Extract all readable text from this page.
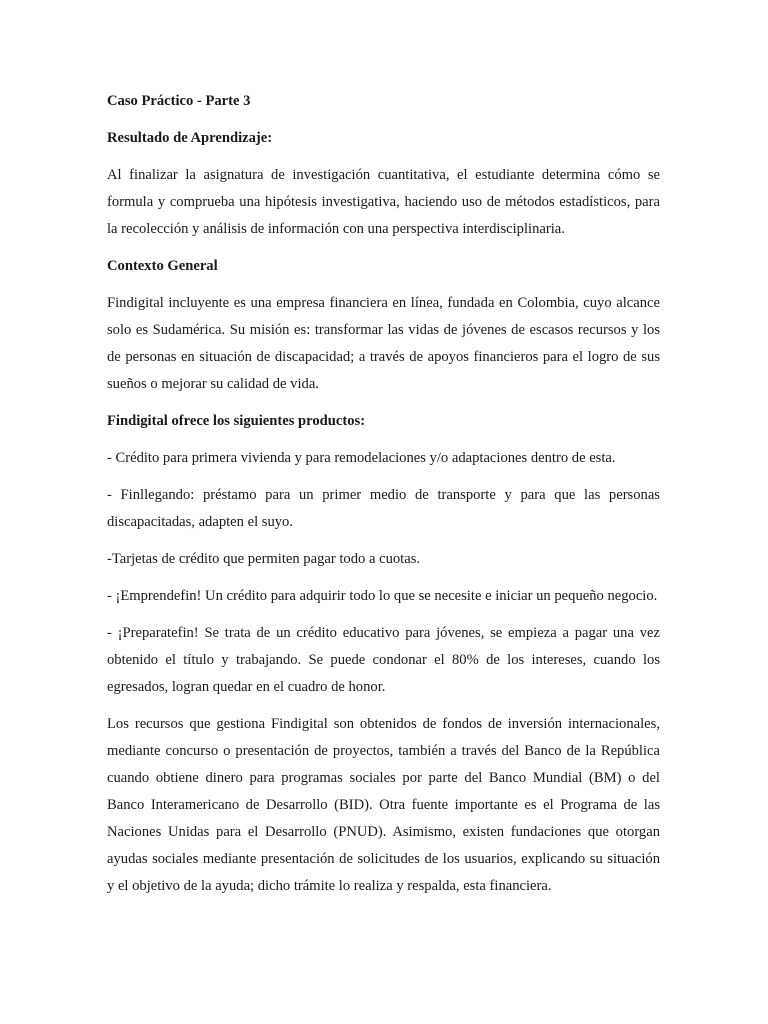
Caso Práctico - Parte 3
Resultado de Aprendizaje:
Al finalizar la asignatura de investigación cuantitativa, el estudiante determina cómo se formula y comprueba una hipótesis investigativa, haciendo uso de métodos estadísticos, para la recolección y análisis de información con una perspectiva interdisciplinaria.
Contexto General
Findigital incluyente es una empresa financiera en línea, fundada en Colombia, cuyo alcance solo es Sudamérica. Su misión es: transformar las vidas de jóvenes de escasos recursos y los de personas en situación de discapacidad; a través de apoyos financieros para el logro de sus sueños o mejorar su calidad de vida.
Findigital ofrece los siguientes productos:
- Crédito para primera vivienda y para remodelaciones y/o adaptaciones dentro de esta.
- Finllegando: préstamo para un primer medio de transporte y para que las personas discapacitadas, adapten el suyo.
-Tarjetas de crédito que permiten pagar todo a cuotas.
- ¡Emprendefin! Un crédito para adquirir todo lo que se necesite e iniciar un pequeño negocio.
- ¡Preparatefin! Se trata de un crédito educativo para jóvenes, se empieza a pagar una vez obtenido el título y trabajando. Se puede condonar el 80% de los intereses, cuando los egresados, logran quedar en el cuadro de honor.
Los recursos que gestiona Findigital son obtenidos de fondos de inversión internacionales, mediante concurso o presentación de proyectos, también a través del Banco de la República cuando obtiene dinero para programas sociales por parte del Banco Mundial (BM) o del Banco Interamericano de Desarrollo (BID). Otra fuente importante es el Programa de las Naciones Unidas para el Desarrollo (PNUD). Asimismo, existen fundaciones que otorgan ayudas sociales mediante presentación de solicitudes de los usuarios, explicando su situación y el objetivo de la ayuda; dicho trámite lo realiza y respalda, esta financiera.
